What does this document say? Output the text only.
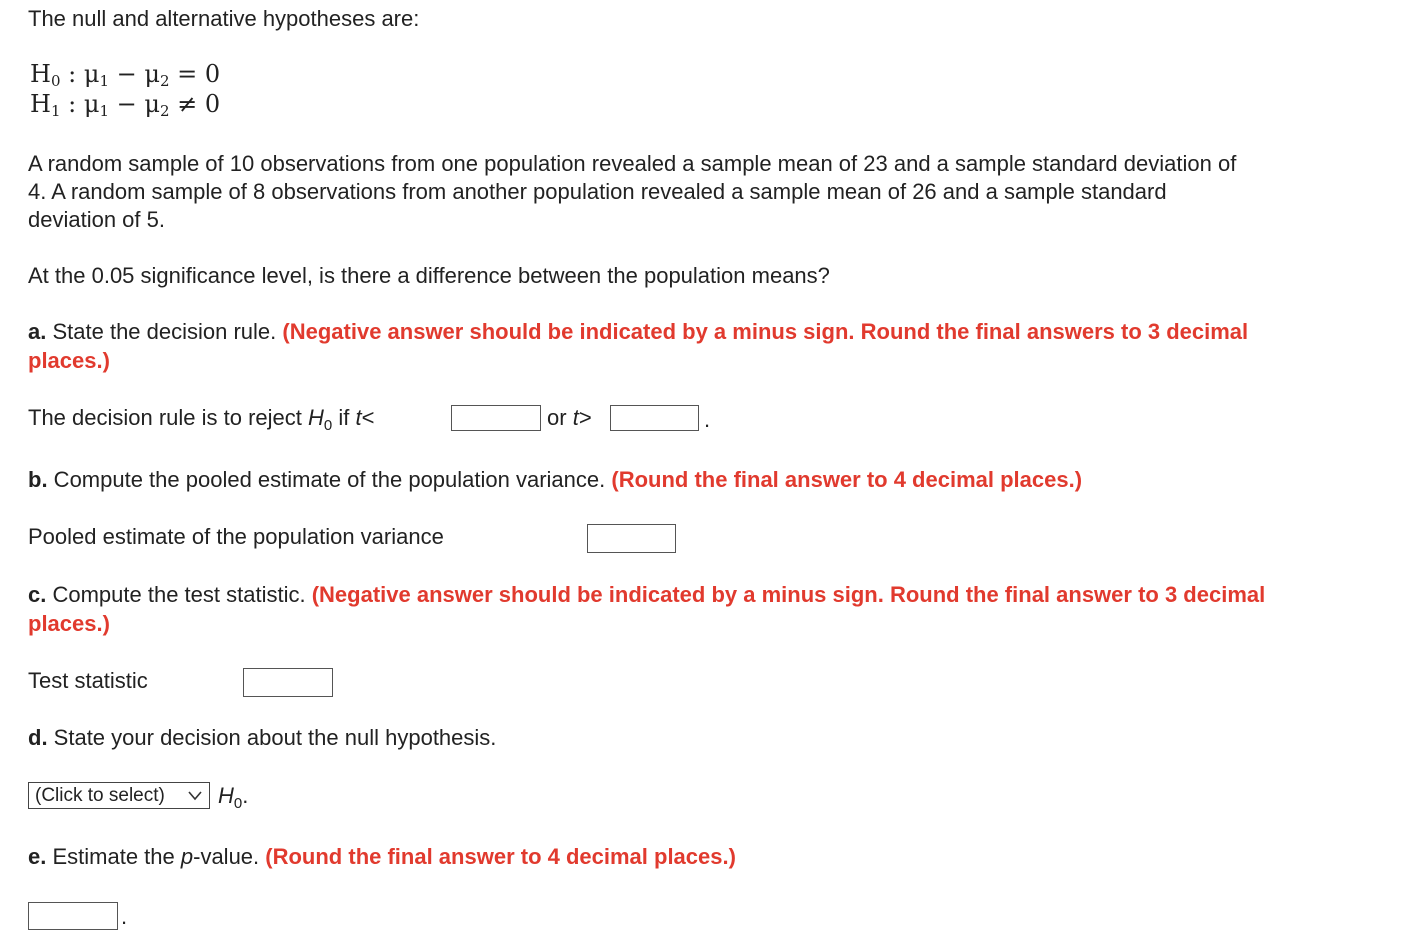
The null and alternative hypotheses are:
$H_0$ : $\mu_1 - \mu_2 = 0$
$H_1$ : $\mu_1 - \mu_2 \ne 0$
A random sample of 10 observations from one population revealed a sample mean of 23 and a sample standard deviation of
4. A random sample of 8 observations from another population revealed a sample mean of 26 and a sample standard
deviation of 5.
At the 0.05 significance level, is there a difference between the population means?
a. State the decision rule. (Negative answer should be indicated by a minus sign. Round the final answers to 3 decimal
places.)
The decision rule is to reject $H_0$ if t<	or t>	.
b. Compute the pooled estimate of the population variance. (Round the final answer to 4 decimal places.)
Pooled estimate of the population variance
c. Compute the test statistic. (Negative answer should be indicated by a minus sign. Round the final answer to 3 decimal
places.)
Test statistic
d. State your decision about the null hypothesis.
(Click to select) $H_0$.
e. Estimate the p-value. (Round the final answer to 4 decimal places.)
.
